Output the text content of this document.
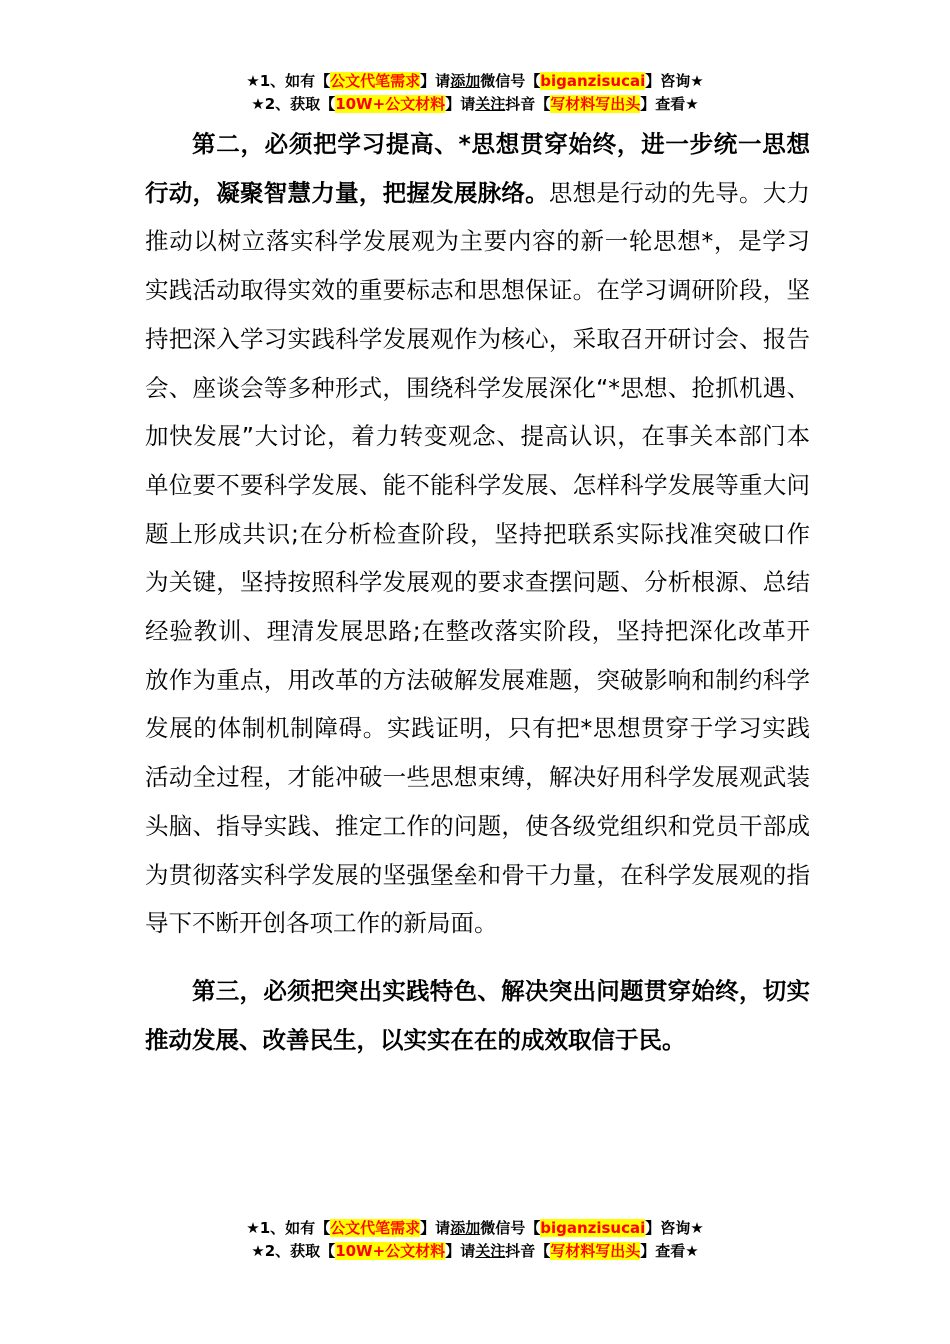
★1、如有【公文代笔需求】请添加微信号【biganzisucai】咨询★
★2、获取【10W+公文材料】请关注抖音【写材料写出头】查看★

第二，必须把学习提高、*思想贯穿始终，进一步统一思想行动，凝聚智慧力量，把握发展脉络。思想是行动的先导。大力推动以树立落实科学发展观为主要内容的新一轮思想*，是学习实践活动取得实效的重要标志和思想保证。在学习调研阶段，坚持把深入学习实践科学发展观作为核心，采取召开研讨会、报告会、座谈会等多种形式，围绕科学发展深化“*思想、抢抓机遇、加快发展”大讨论，着力转变观念、提高认识，在事关本部门本单位要不要科学发展、能不能科学发展、怎样科学发展等重大问题上形成共识;在分析检查阶段，坚持把联系实际找准突破口作为关键，坚持按照科学发展观的要求查摆问题、分析根源、总结经验教训、理清发展思路;在整改落实阶段，坚持把深化改革开放作为重点，用改革的方法破解发展难题，突破影响和制约科学发展的体制机制障碍。实践证明，只有把*思想贯穿于学习实践活动全过程，才能冲破一些思想束缚，解决好用科学发展观武装头脑、指导实践、推定工作的问题，使各级党组织和党员干部成为贯彻落实科学发展的坚强堡垒和骨干力量，在科学发展观的指导下不断开创各项工作的新局面。

第三，必须把突出实践特色、解决突出问题贯穿始终，切实推动发展、改善民生，以实实在在的成效取信于民。

★1、如有【公文代笔需求】请添加微信号【biganzisucai】咨询★
★2、获取【10W+公文材料】请关注抖音【写材料写出头】查看★
